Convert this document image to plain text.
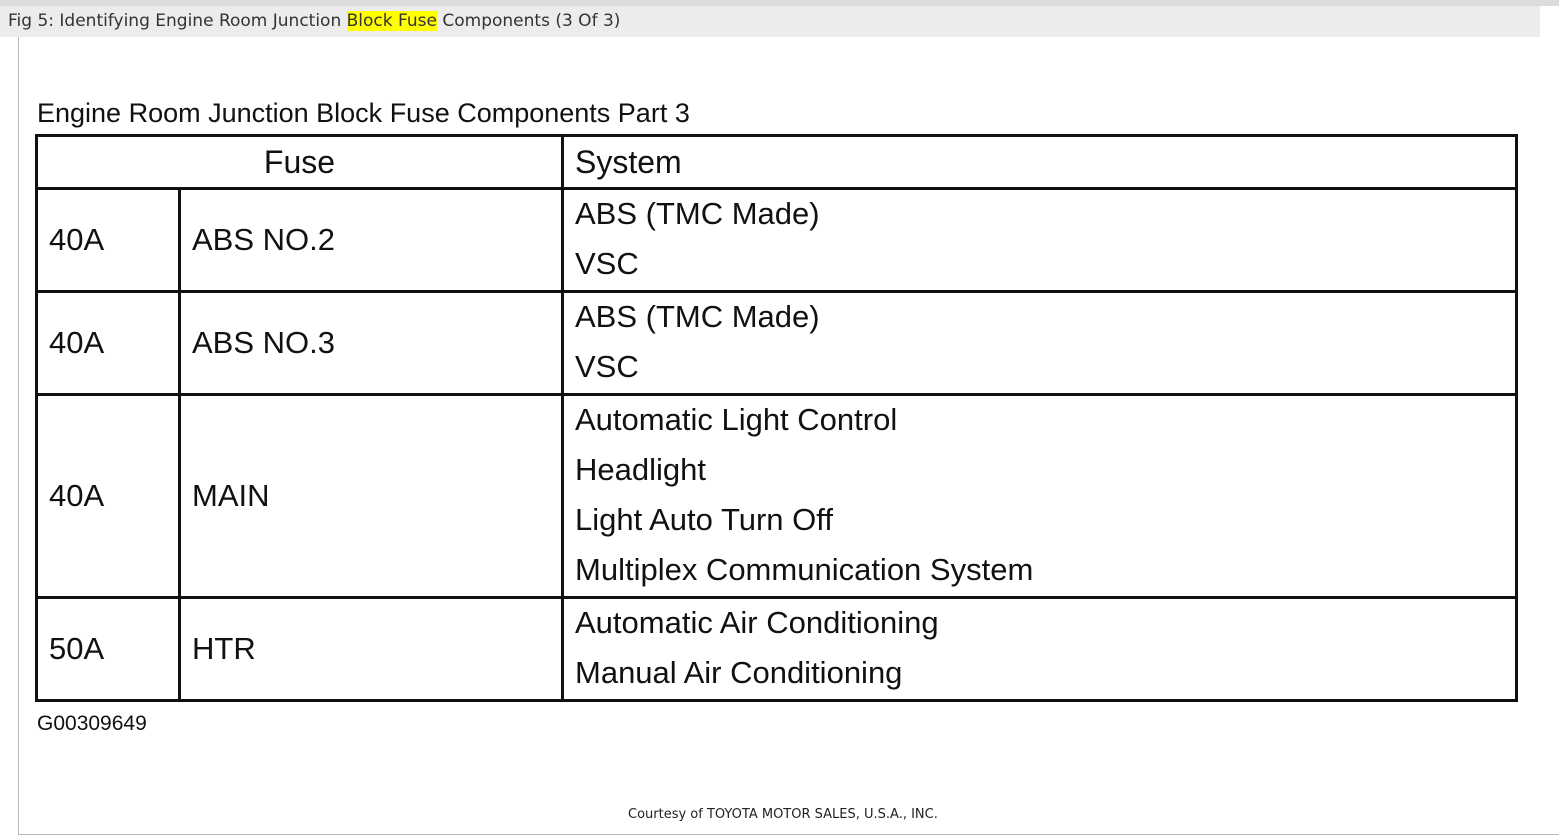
Fig 5: Identifying Engine Room Junction Block Fuse Components (3 Of 3)
Engine Room Junction Block Fuse Components Part 3
Fuse		System
40A	ABS NO.2	ABS (TMC Made)
VSC

40A	ABS NO.3	ABS (TMC Made)
VSC

40A	MAIN	Automatic Light Control
Headlight
Light Auto Turn Off
Multiplex Communication System

50A	HTR	Automatic Air Conditioning
Manual Air Conditioning
G00309649
Courtesy of TOYOTA MOTOR SALES, U.S.A., INC.
